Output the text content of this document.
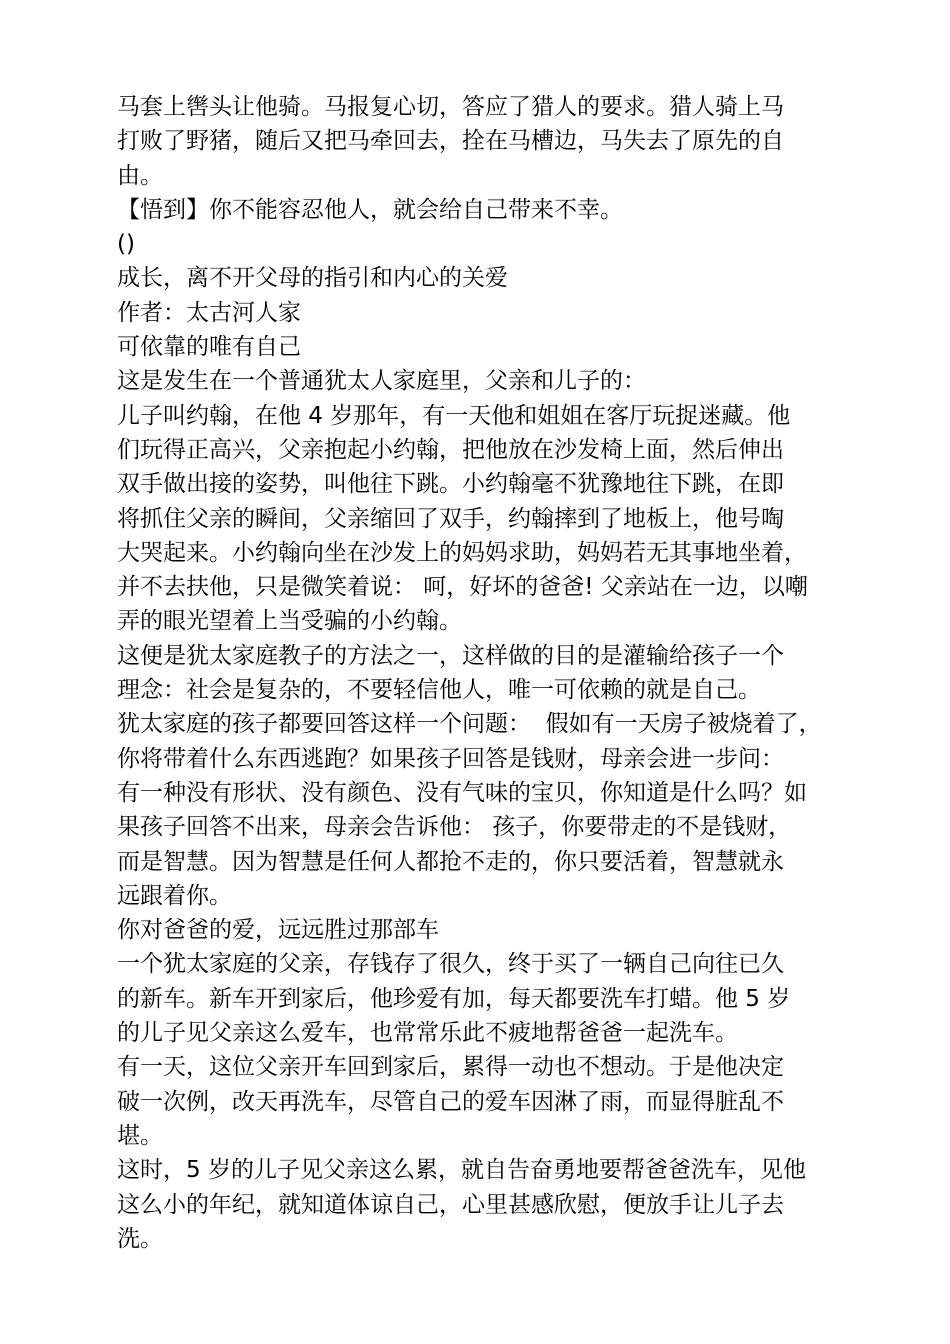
马套上辔头让他骑。马报复心切，答应了猎人的要求。猎人骑上马
打败了野猪，随后又把马牵回去，拴在马槽边，马失去了原先的自
由。
【悟到】你不能容忍他人，就会给自己带来不幸。
()
成长，离不开父母的指引和内心的关爱
作者：太古河人家
可依靠的唯有自己
这是发生在一个普通犹太人家庭里，父亲和儿子的：
儿子叫约翰，在他 4 岁那年，有一天他和姐姐在客厅玩捉迷藏。他
们玩得正高兴，父亲抱起小约翰，把他放在沙发椅上面，然后伸出
双手做出接的姿势，叫他往下跳。小约翰毫不犹豫地往下跳，在即
将抓住父亲的瞬间，父亲缩回了双手，约翰摔到了地板上，他号啕
大哭起来。小约翰向坐在沙发上的妈妈求助，妈妈若无其事地坐着，
并不去扶他，只是微笑着说： 呵，好坏的爸爸! 父亲站在一边，以嘲
弄的眼光望着上当受骗的小约翰。
这便是犹太家庭教子的方法之一，这样做的目的是灌输给孩子一个
理念：社会是复杂的，不要轻信他人，唯一可依赖的就是自己。
犹太家庭的孩子都要回答这样一个问题：  假如有一天房子被烧着了，
你将带着什么东西逃跑？如果孩子回答是钱财，母亲会进一步问：
有一种没有形状、没有颜色、没有气味的宝贝，你知道是什么吗？如
果孩子回答不出来，母亲会告诉他： 孩子，你要带走的不是钱财，
而是智慧。因为智慧是任何人都抢不走的，你只要活着，智慧就永
远跟着你。
你对爸爸的爱，远远胜过那部车
一个犹太家庭的父亲，存钱存了很久，终于买了一辆自己向往已久
的新车。新车开到家后，他珍爱有加，每天都要洗车打蜡。他 5 岁
的儿子见父亲这么爱车，也常常乐此不疲地帮爸爸一起洗车。
有一天，这位父亲开车回到家后，累得一动也不想动。于是他决定
破一次例，改天再洗车，尽管自己的爱车因淋了雨，而显得脏乱不
堪。
这时，5 岁的儿子见父亲这么累，就自告奋勇地要帮爸爸洗车，见他
这么小的年纪，就知道体谅自己，心里甚感欣慰，便放手让儿子去
洗。
